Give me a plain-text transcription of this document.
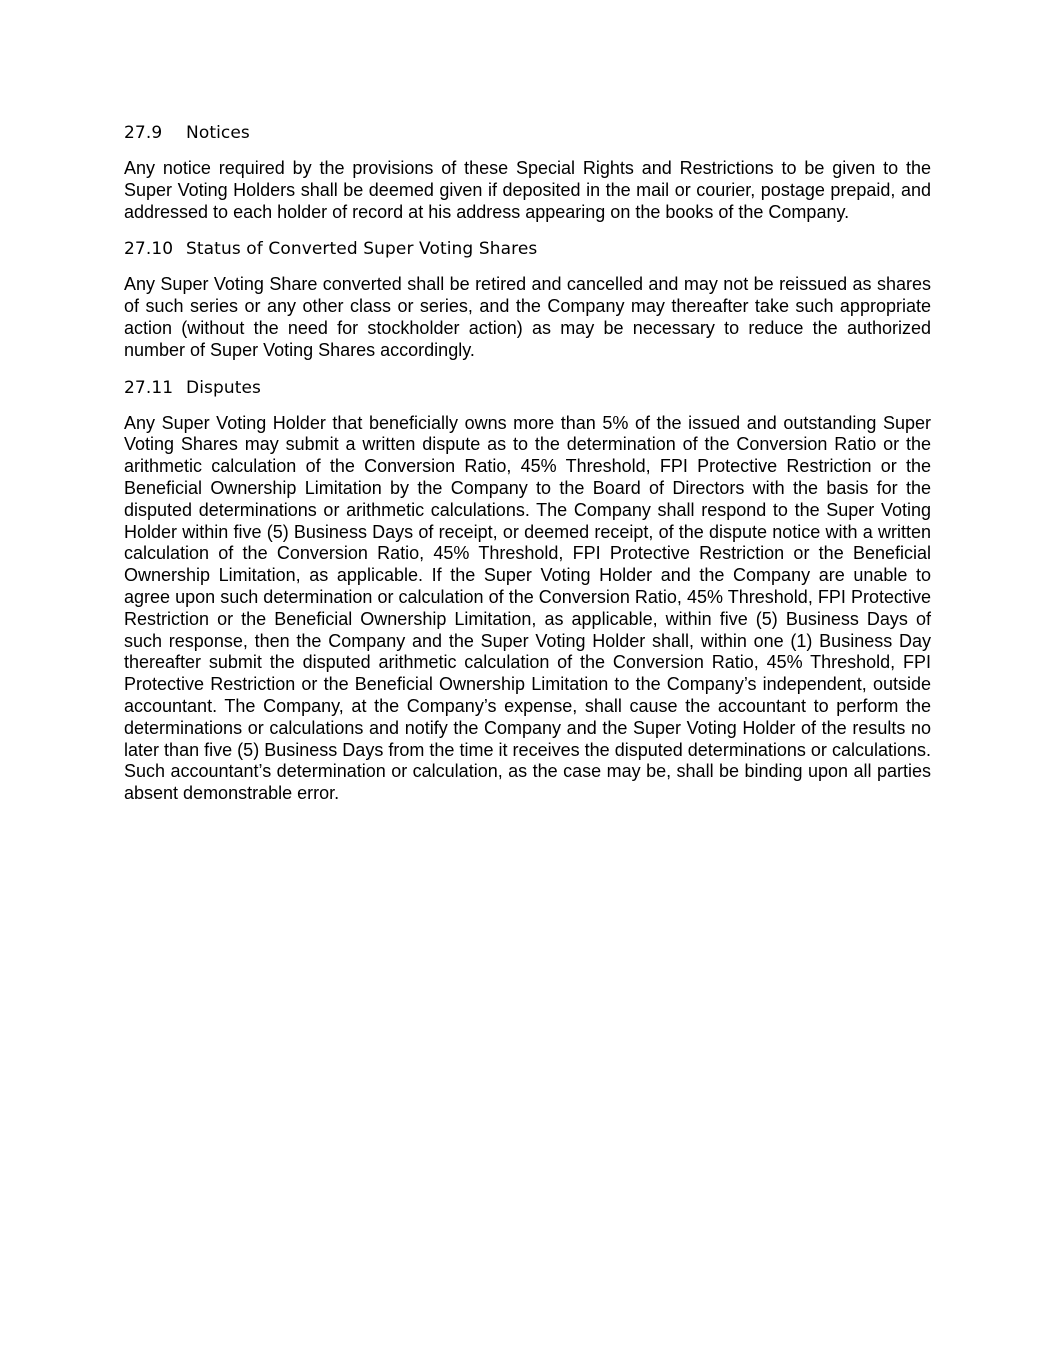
27.9 Notices

Any notice required by the provisions of these Special Rights and Restrictions to be given to the Super Voting Holders shall be deemed given if deposited in the mail or courier, postage prepaid, and addressed to each holder of record at his address appearing on the books of the Company.

27.10 Status of Converted Super Voting Shares

Any Super Voting Share converted shall be retired and cancelled and may not be reissued as shares of such series or any other class or series, and the Company may thereafter take such appropriate action (without the need for stockholder action) as may be necessary to reduce the authorized number of Super Voting Shares accordingly.

27.11 Disputes

Any Super Voting Holder that beneficially owns more than 5% of the issued and outstanding Super Voting Shares may submit a written dispute as to the determination of the Conversion Ratio or the arithmetic calculation of the Conversion Ratio, 45% Threshold, FPI Protective Restriction or the Beneficial Ownership Limitation by the Company to the Board of Directors with the basis for the disputed determinations or arithmetic calculations. The Company shall respond to the Super Voting Holder within five (5) Business Days of receipt, or deemed receipt, of the dispute notice with a written calculation of the Conversion Ratio, 45% Threshold, FPI Protective Restriction or the Beneficial Ownership Limitation, as applicable. If the Super Voting Holder and the Company are unable to agree upon such determination or calculation of the Conversion Ratio, 45% Threshold, FPI Protective Restriction or the Beneficial Ownership Limitation, as applicable, within five (5) Business Days of such response, then the Company and the Super Voting Holder shall, within one (1) Business Day thereafter submit the disputed arithmetic calculation of the Conversion Ratio, 45% Threshold, FPI Protective Restriction or the Beneficial Ownership Limitation to the Company’s independent, outside accountant. The Company, at the Company’s expense, shall cause the accountant to perform the determinations or calculations and notify the Company and the Super Voting Holder of the results no later than five (5) Business Days from the time it receives the disputed determinations or calculations. Such accountant’s determination or calculation, as the case may be, shall be binding upon all parties absent demonstrable error.
